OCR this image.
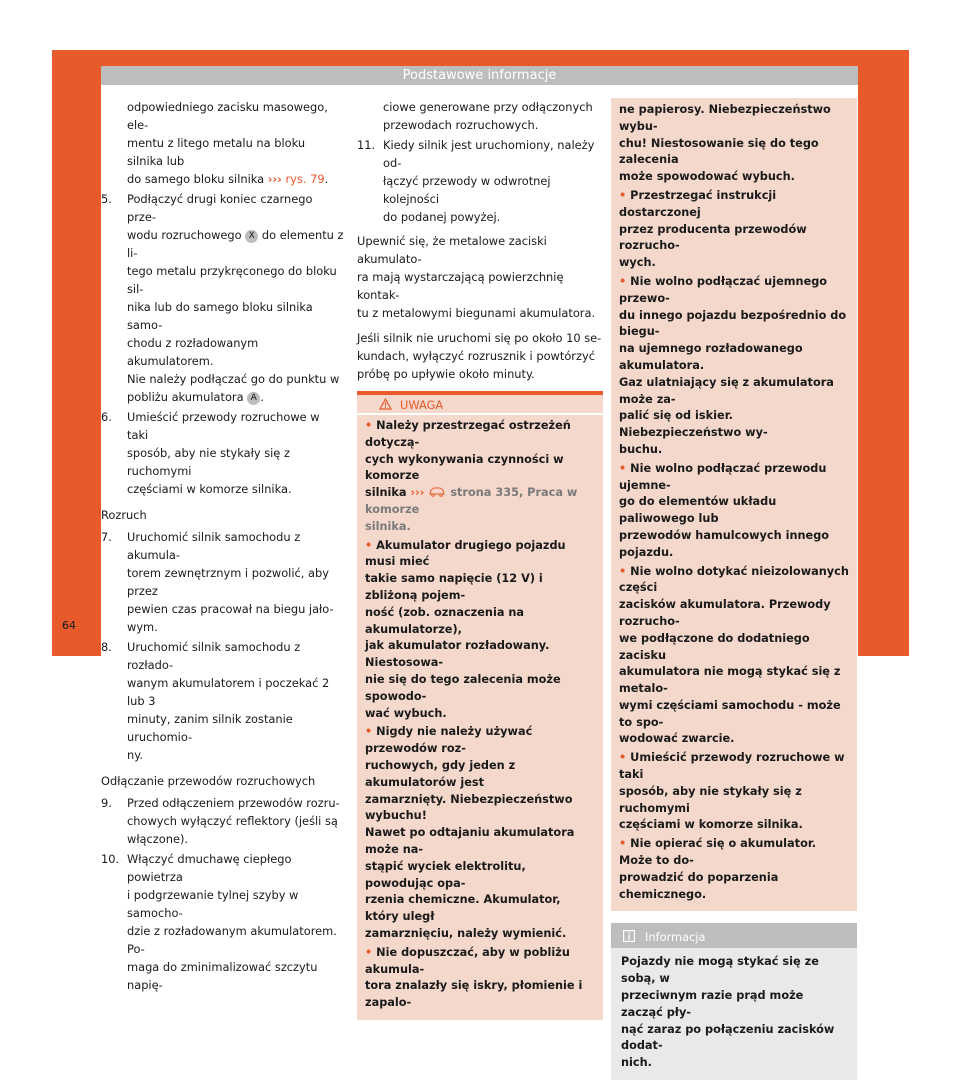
Podstawowe informacje
odpowiedniego zacisku masowego, ele-
mentu z litego metalu na bloku silnika lub
do samego bloku silnika ››› rys. 79.
5.	Podłączyć drugi koniec czarnego prze-
wodu rozruchowego X do elementu z li-
tego metalu przykręconego do bloku sil-
nika lub do samego bloku silnika samo-
chodu z rozładowanym akumulatorem.
Nie należy podłączać go do punktu w
pobliżu akumulatora A .
6.	Umieścić przewody rozruchowe w taki
sposób, aby nie stykały się z ruchomymi
częściami w komorze silnika.
Rozruch
7.	Uruchomić silnik samochodu z akumula-
torem zewnętrznym i pozwolić, aby przez
pewien czas pracował na biegu jało-
wym.
8.	Uruchomić silnik samochodu z rozłado-
wanym akumulatorem i poczekać 2 lub 3
minuty, zanim silnik zostanie uruchomio-
ny.
Odłączanie przewodów rozruchowych
9.	Przed odłączeniem przewodów rozru-
chowych wyłączyć reflektory (jeśli są
włączone).
10. Włączyć dmuchawę ciepłego powietrza
i podgrzewanie tylnej szyby w samocho-
dzie z rozładowanym akumulatorem. Po-
maga do zminimalizować szczytu napię-
ciowe generowane przy odłączonych
przewodach rozruchowych.
11. Kiedy silnik jest uruchomiony, należy od-
łączyć przewody w odwrotnej kolejności
do podanej powyżej.
Upewnić się, że metalowe zaciski akumulato-
ra mają wystarczającą powierzchnię kontak-
tu z metalowymi biegunami akumulatora.
Jeśli silnik nie uruchomi się po około 10 se-
kundach, wyłączyć rozrusznik i powtórzyć
próbę po upływie około minuty.
UWAGA
• Należy przestrzegać ostrzeżeń dotyczą-
cych wykonywania czynności w komorze
silnika ››› strona 335, Praca w komorze
silnika.
• Akumulator drugiego pojazdu musi mieć
takie samo napięcie (12 V) i zbliżoną pojem-
ność (zob. oznaczenia na akumulatorze),
jak akumulator rozładowany. Niestosowa-
nie się do tego zalecenia może spowodo-
wać wybuch.
• Nigdy nie należy używać przewodów roz-
ruchowych, gdy jeden z akumulatorów jest
zamarznięty. Niebezpieczeństwo wybuchu!
Nawet po odtajaniu akumulatora może na-
stąpić wyciek elektrolitu, powodując opa-
rzenia chemiczne. Akumulator, który uległ
zamarznięciu, należy wymienić.
• Nie dopuszczać, aby w pobliżu akumula-
tora znalazły się iskry, płomienie i zapalo-
ne papierosy. Niebezpieczeństwo wybu-
chu! Niestosowanie się do tego zalecenia
może spowodować wybuch.
• Przestrzegać instrukcji dostarczonej
przez producenta przewodów rozrucho-
wych.
• Nie wolno podłączać ujemnego przewo-
du innego pojazdu bezpośrednio do biegu-
na ujemnego rozładowanego akumulatora.
Gaz ulatniający się z akumulatora może za-
palić się od iskier. Niebezpieczeństwo wy-
buchu.
• Nie wolno podłączać przewodu ujemne-
go do elementów układu paliwowego lub
przewodów hamulcowych innego pojazdu.
• Nie wolno dotykać nieizolowanych części
zacisków akumulatora. Przewody rozrucho-
we podłączone do dodatniego zacisku
akumulatora nie mogą stykać się z metalo-
wymi częściami samochodu - może to spo-
wodować zwarcie.
• Umieścić przewody rozruchowe w taki
sposób, aby nie stykały się z ruchomymi
częściami w komorze silnika.
• Nie opierać się o akumulator. Może to do-
prowadzić do poparzenia chemicznego.
Informacja
Pojazdy nie mogą stykać się ze sobą, w
przeciwnym razie prąd może zacząć pły-
nąć zaraz po połączeniu zacisków dodat-
nich.
64
